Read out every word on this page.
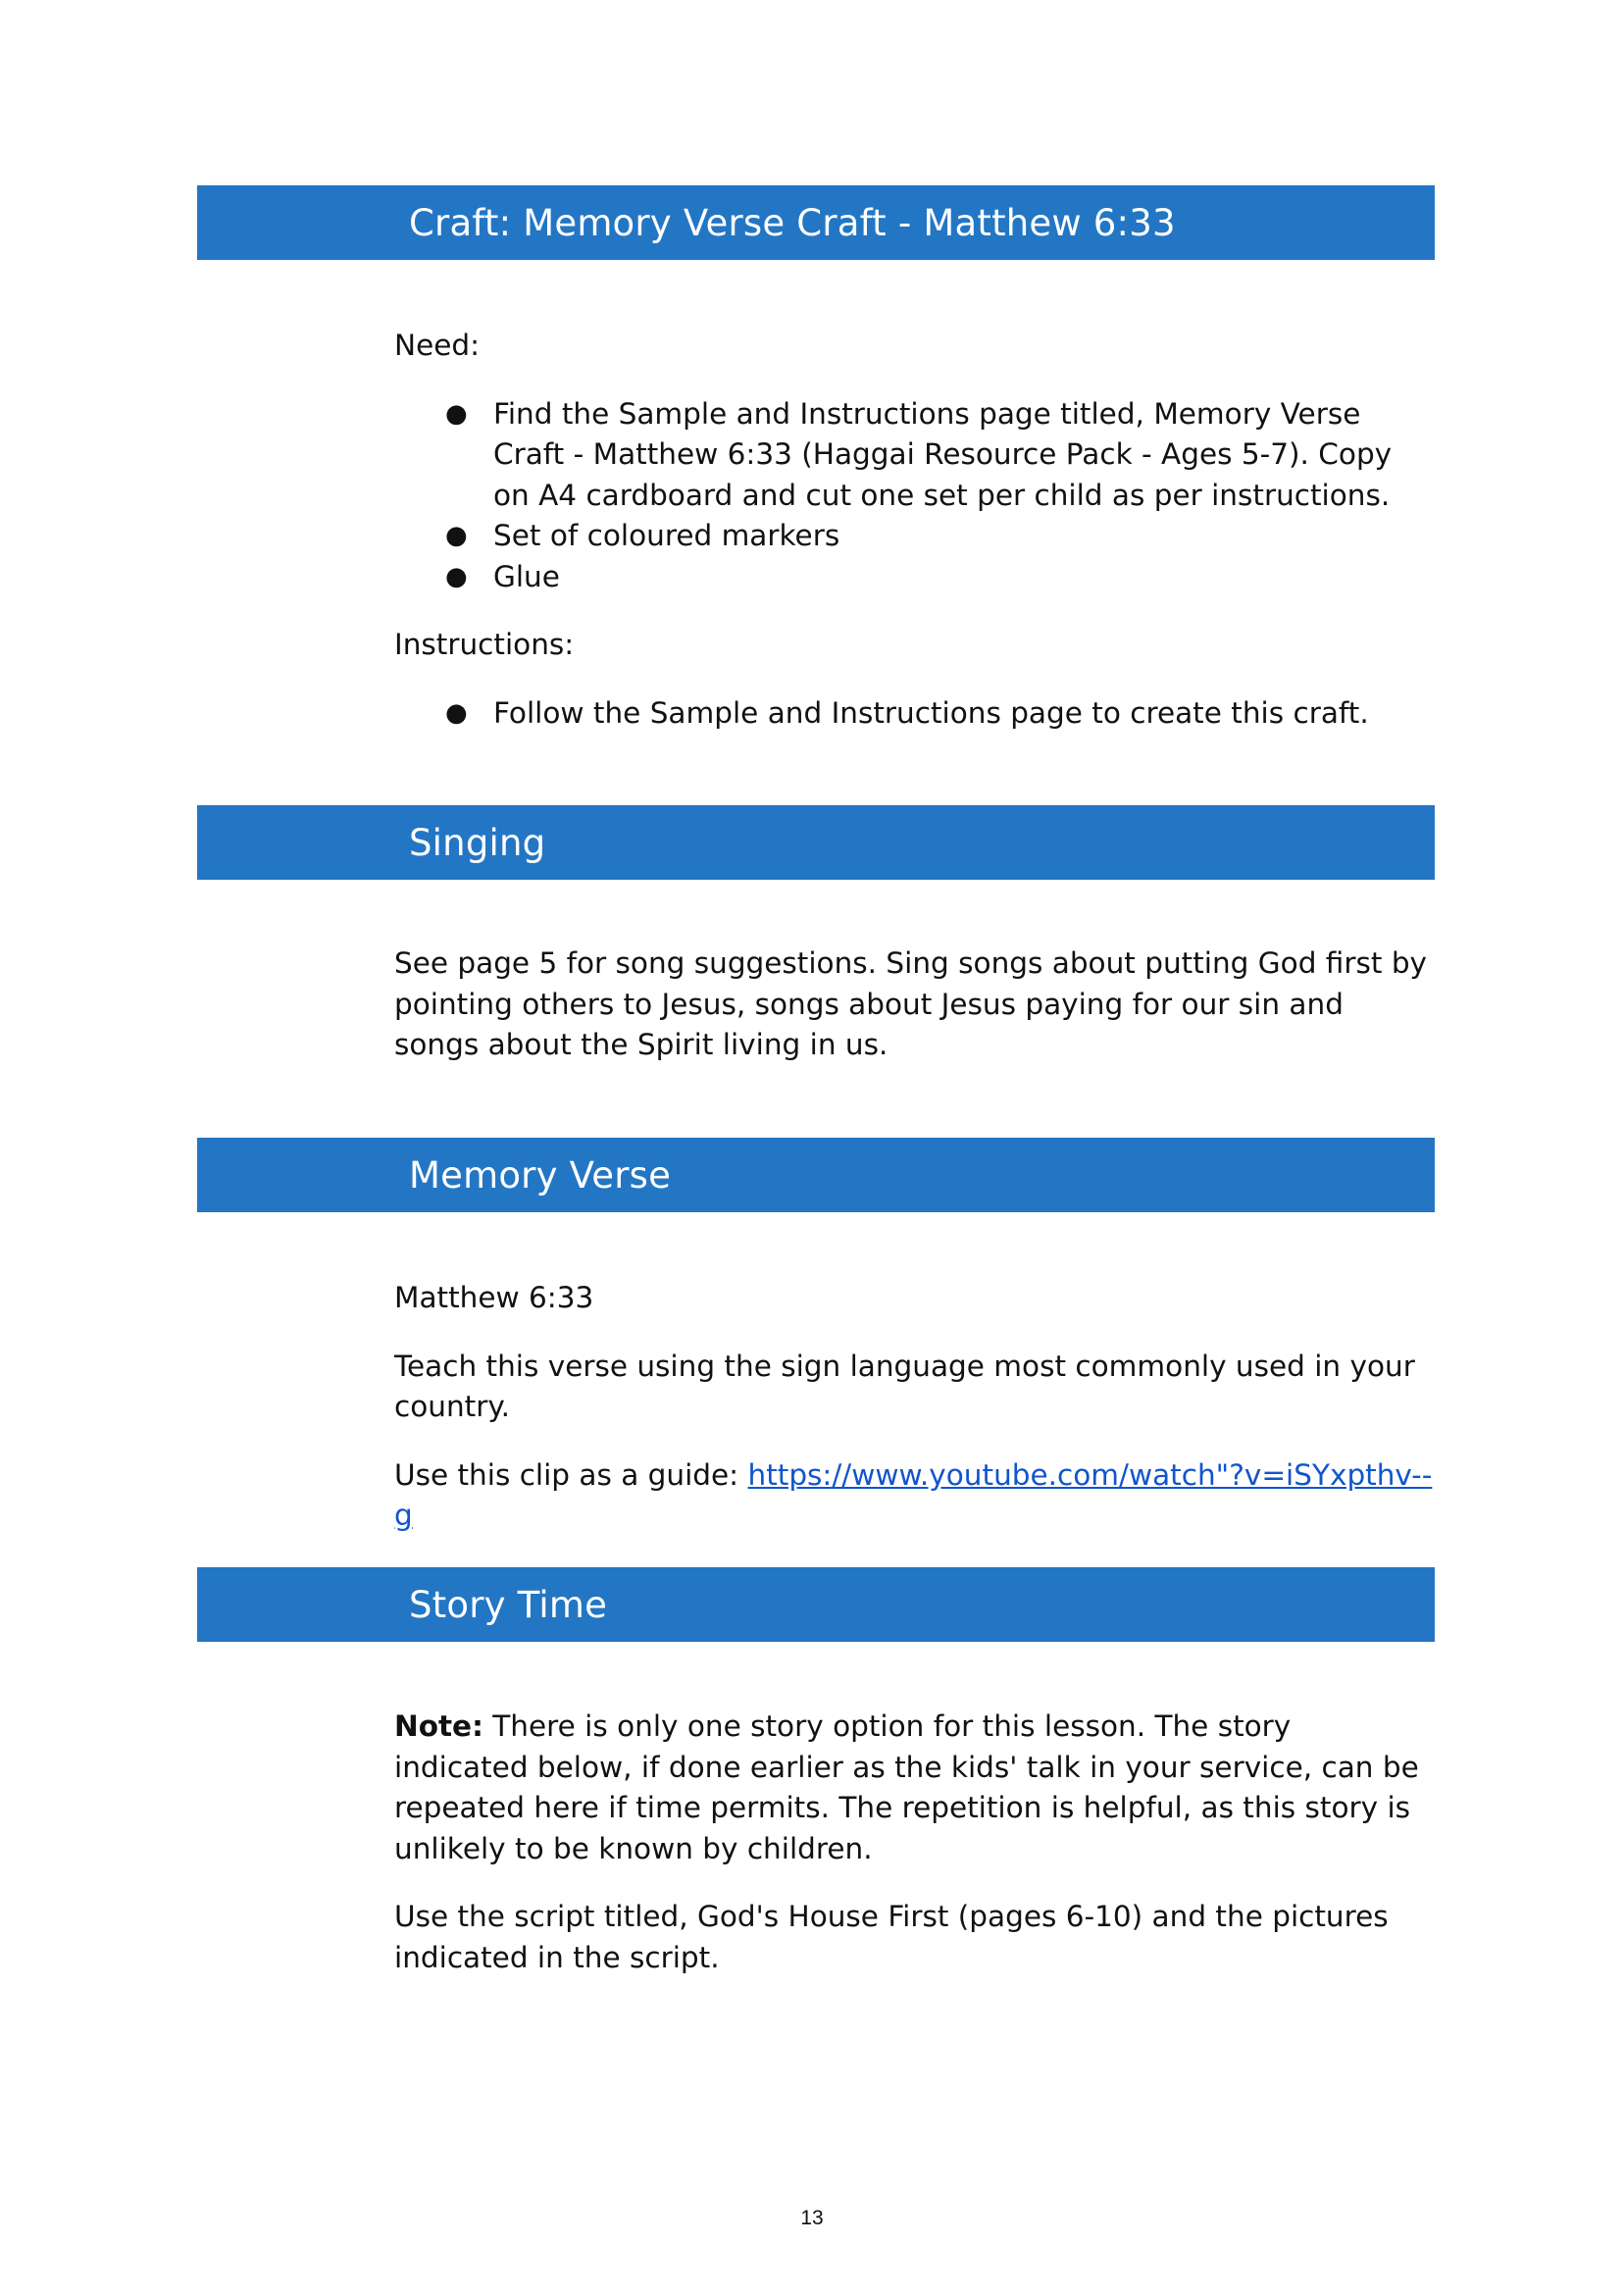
Craft: Memory Verse Craft - Matthew 6:33

Need:

● Find the Sample and Instructions page titled, Memory Verse Craft - Matthew 6:33 (Haggai Resource Pack - Ages 5-7). Copy on A4 cardboard and cut one set per child as per instructions.
● Set of coloured markers
● Glue

Instructions:

● Follow the Sample and Instructions page to create this craft.
Singing

See page 5 for song suggestions. Sing songs about putting God first by pointing others to Jesus, songs about Jesus paying for our sin and songs about the Spirit living in us.

Memory Verse

Matthew 6:33

Teach this verse using the sign language most commonly used in your country.

Use this clip as a guide: https://www.youtube.com/watch"?v=iSYxpthv--g

Story Time

Note: There is only one story option for this lesson. The story indicated below, if done earlier as the kids' talk in your service, can be repeated here if time permits. The repetition is helpful, as this story is unlikely to be known by children.

Use the script titled, God's House First (pages 6-10) and the pictures indicated in the script.

13
